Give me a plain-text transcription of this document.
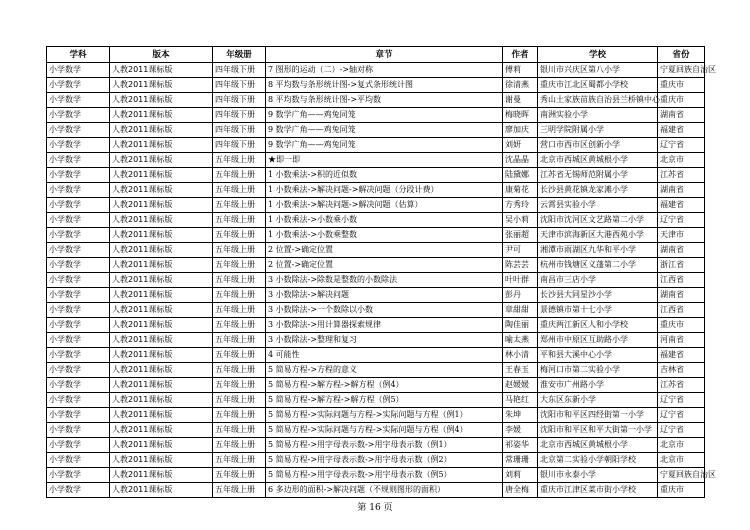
学科	版本	年级册	章节	作者	学校	省份
小学数学	人教2011课标版	四年级下册	7 图形的运动（二）->轴对称	傅莉	银川市兴庆区第八小学	宁夏回族自治区
小学数学	人教2011课标版	四年级下册	8 平均数与条形统计图->复式条形统计图	徐清燕	重庆市江北区蜀都小学校	重庆市
小学数学	人教2011课标版	四年级下册	8 平均数与条形统计图->平均数	谢曼	秀山土家族苗族自治县兰桥镇中心	重庆市
小学数学	人教2011课标版	四年级下册	9 数学广角——鸡兔同笼	梅晓晖	南洲实验小学	湖南省
小学数学	人教2011课标版	四年级下册	9 数学广角——鸡兔同笼	廖加庆	三明学院附属小学	福建省
小学数学	人教2011课标版	四年级下册	9 数学广角——鸡兔同笼	刘妍	营口市西市区创新小学	辽宁省
小学数学	人教2011课标版	五年级上册	★即一即	沈晶晶	北京市西城区黄城根小学	北京市
小学数学	人教2011课标版	五年级上册	1 小数乘法->积的近似数	陆黛娜	江苏省无锡师范附属小学	江苏省
小学数学	人教2011课标版	五年级上册	1 小数乘法->解决问题->解决问题（分段计费）	康菊花	长沙县黄花镇龙家滩小学	湖南省
小学数学	人教2011课标版	五年级上册	1 小数乘法->解决问题->解决问题（估算）	方秀玲	云霄县实验小学	福建省
小学数学	人教2011课标版	五年级上册	1 小数乘法->小数乘小数	吴小莉	沈阳市沈河区文艺路第二小学	辽宁省
小学数学	人教2011课标版	五年级上册	1 小数乘法->小数乘整数	张丽超	天津市滨海新区大港西苑小学	天津市
小学数学	人教2011课标版	五年级上册	2 位置->确定位置	尹可	湘潭市雨湖区九华和平小学	湖南省
小学数学	人教2011课标版	五年级上册	2 位置->确定位置	陈芸芸	杭州市钱塘区义蓬第二小学	浙江省
小学数学	人教2011课标版	五年级上册	3 小数除法->除数是整数的小数除法	叶叶群	南昌市三店小学	江西省
小学数学	人教2011课标版	五年级上册	3 小数除法->解决问题	彭丹	长沙县大同星沙小学	湖南省
小学数学	人教2011课标版	五年级上册	3 小数除法->一个数除以小数	章甜甜	景德镇市第十七小学	江西省
小学数学	人教2011课标版	五年级上册	3 小数除法->用计算器探索规律	陶佳丽	重庆两江新区人和小学校	重庆市
小学数学	人教2011课标版	五年级上册	3 小数除法->整理和复习	喻太燕	郑州市中原区互助路小学	河南省
小学数学	人教2011课标版	五年级上册	4 可能性	林小清	平和县大溪中心小学	福建省
小学数学	人教2011课标版	五年级上册	5 简易方程->方程的意义	王春玉	梅河口市第二实验小学	吉林省
小学数学	人教2011课标版	五年级上册	5 简易方程->解方程->解方程（例4）	赵媛媛	淮安市广州路小学	江苏省
小学数学	人教2011课标版	五年级上册	5 简易方程->解方程->解方程（例5）	马艳红	大东区东新小学	辽宁省
小学数学	人教2011课标版	五年级上册	5 简易方程->实际问题与方程->实际问题与方程（例1）	朱坤	沈阳市和平区四经街第一小学	辽宁省
小学数学	人教2011课标版	五年级上册	5 简易方程->实际问题与方程->实际问题与方程（例4）	李媛	沈阳市和平区和平大街第一小学	辽宁省
小学数学	人教2011课标版	五年级上册	5 简易方程->用字母表示数->用字母表示数（例1）	祁姿华	北京市西城区黄城根小学	北京市
小学数学	人教2011课标版	五年级上册	5 简易方程->用字母表示数->用字母表示数（例2）	常珊珊	北京第二实验小学朝阳学校	北京市
小学数学	人教2011课标版	五年级上册	5 简易方程->用字母表示数->用字母表示数（例5）	刘莉	银川市永泰小学	宁夏回族自治区
小学数学	人教2011课标版	五年级上册	6 多边形的面积->解决问题（不规则图形的面积）	唐全梅	重庆市江津区菜市街小学校	重庆市
第 16 页
